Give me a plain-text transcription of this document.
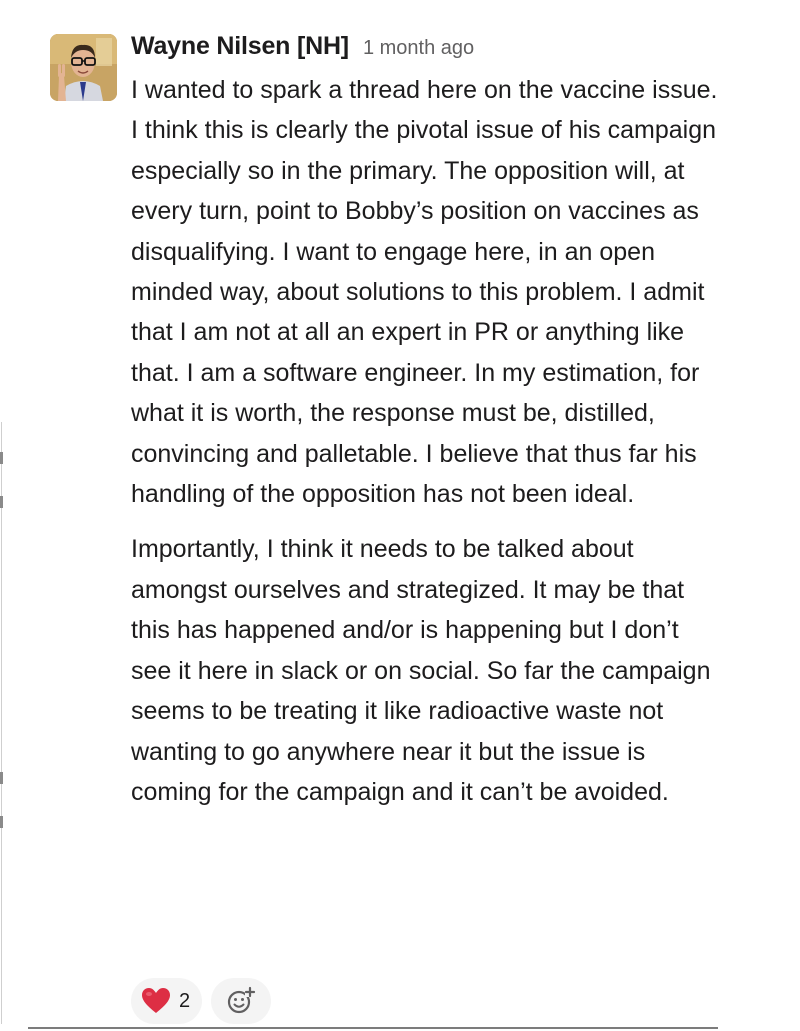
Wayne Nilsen [NH] 1 month ago

I wanted to spark a thread here on the vaccine issue. I think this is clearly the pivotal issue of his campaign especially so in the primary. The opposition will, at every turn, point to Bobby’s position on vaccines as disqualifying. I want to engage here, in an open minded way, about solutions to this problem. I admit that I am not at all an expert in PR or anything like that. I am a software engineer. In my estimation, for what it is worth, the response must be, distilled, convincing and palletable. I believe that thus far his handling of the opposition has not been ideal.

Importantly, I think it needs to be talked about amongst ourselves and strategized. It may be that this has happened and/or is happening but I don’t see it here in slack or on social. So far the campaign seems to be treating it like radioactive waste not wanting to go anywhere near it but the issue is coming for the campaign and it can’t be avoided.

2
